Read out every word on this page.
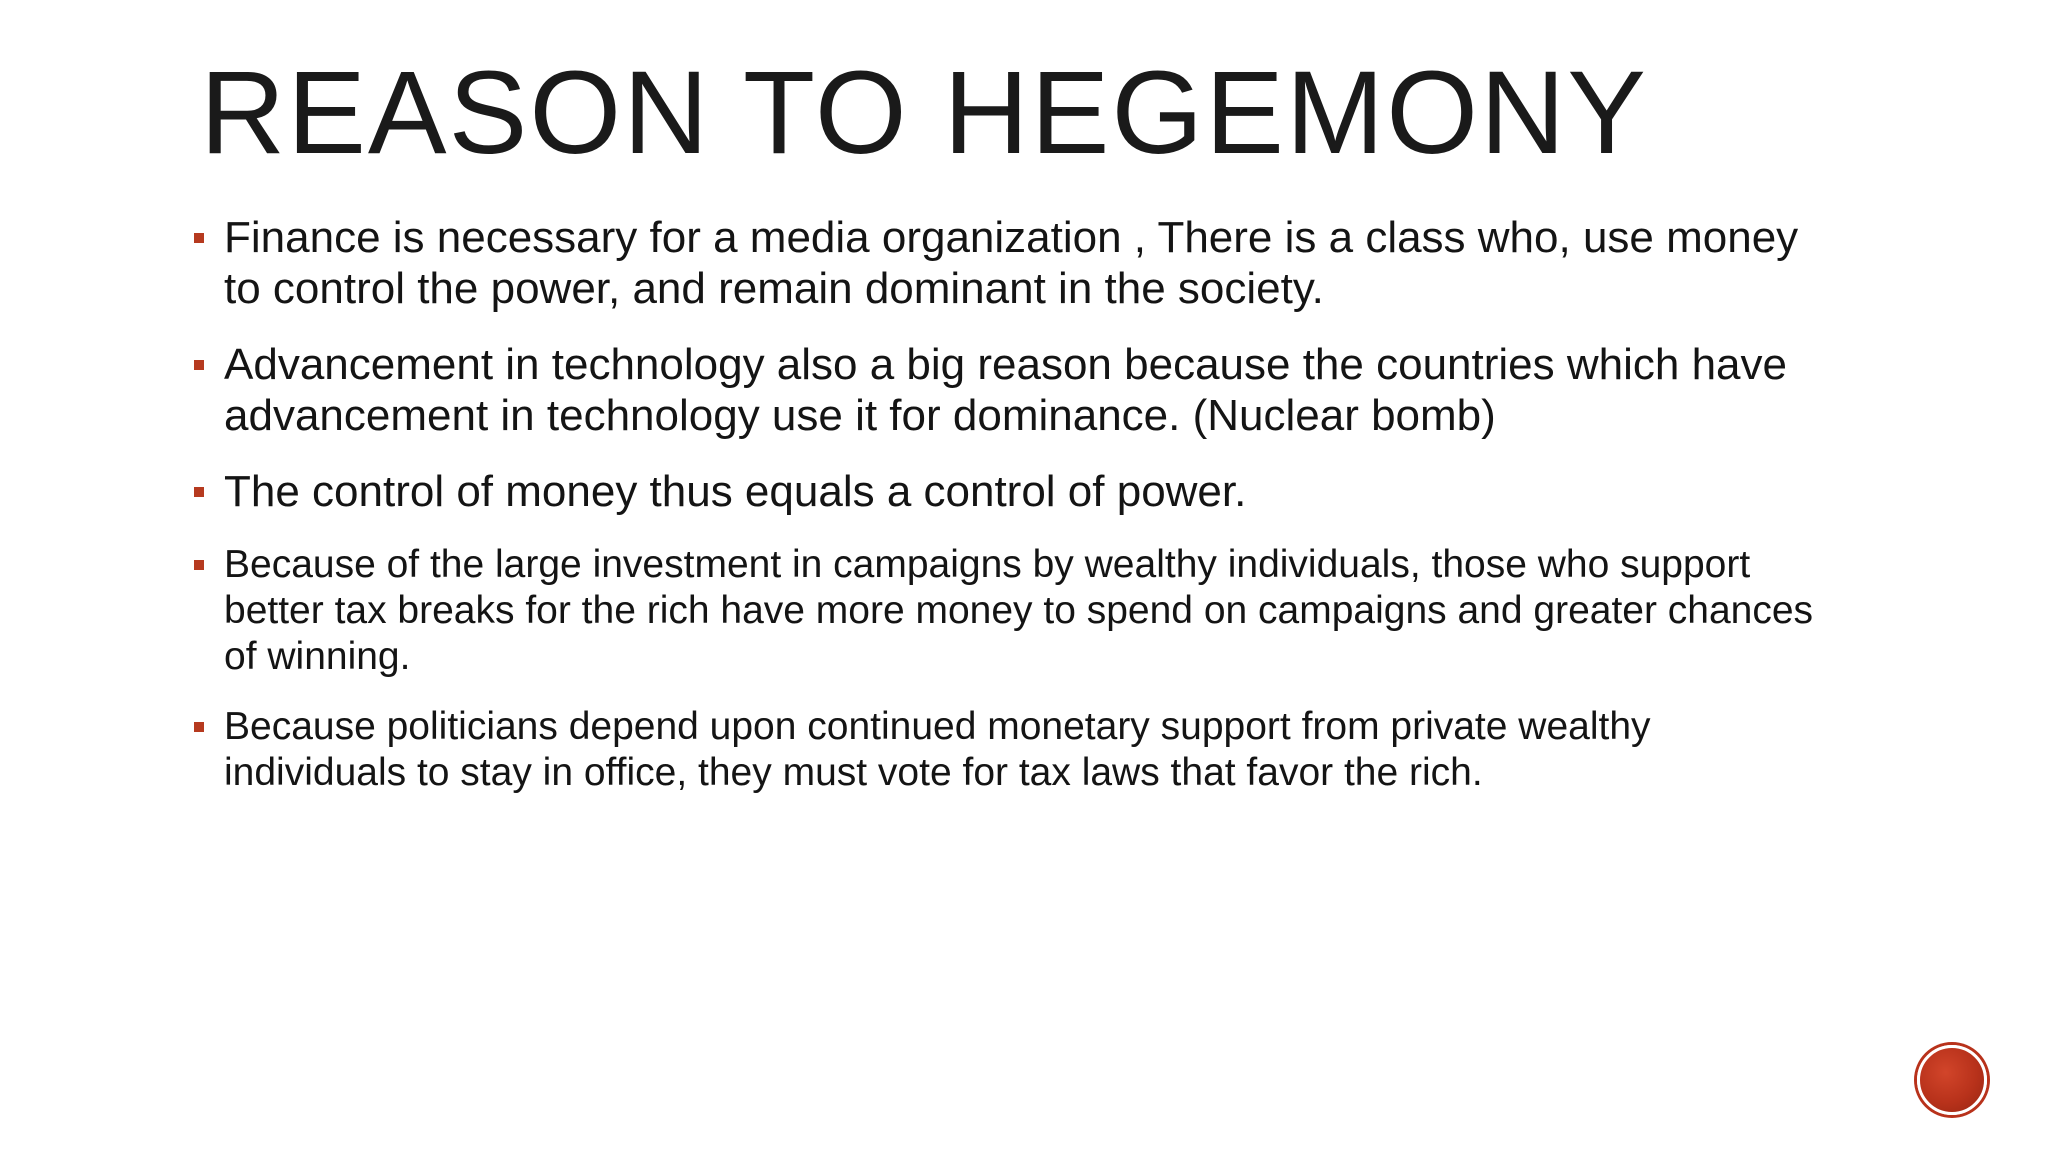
REASON TO HEGEMONY
Finance is necessary for a media organization , There is a class who, use money to control the power, and remain dominant in the society.
Advancement in technology also a big reason because the countries which have advancement in technology use it for dominance. (Nuclear bomb)
The control of money thus equals a control of power.
Because of the large investment in campaigns by wealthy individuals, those who support better tax breaks for the rich have more money to spend on campaigns and greater chances of winning.
Because politicians depend upon continued monetary support from private wealthy individuals to stay in office, they must vote for tax laws that favor the rich.
